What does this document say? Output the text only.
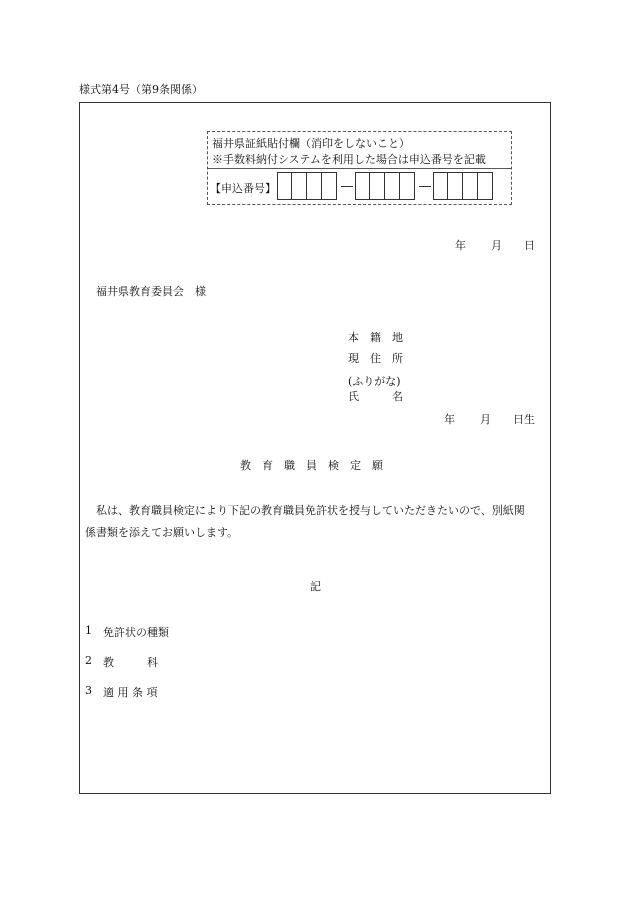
様式第4号（第9条関係）
福井県証紙貼付欄（消印をしないこと）
※手数料納付システムを利用した場合は申込番号を記載
【申込番号】
年 月 日
福井県教育委員会　様
本　籍　地
現　住　所
(ふりがな)
氏　　　名
年 月 日生
教　育　職　員　検　定　願
私は、教育職員検定により下記の教育職員免許状を授与していただきたいので、別紙関
係書類を添えてお願いします。
記
1 免許状の種類
2 教　　　科
3 適 用 条 項
